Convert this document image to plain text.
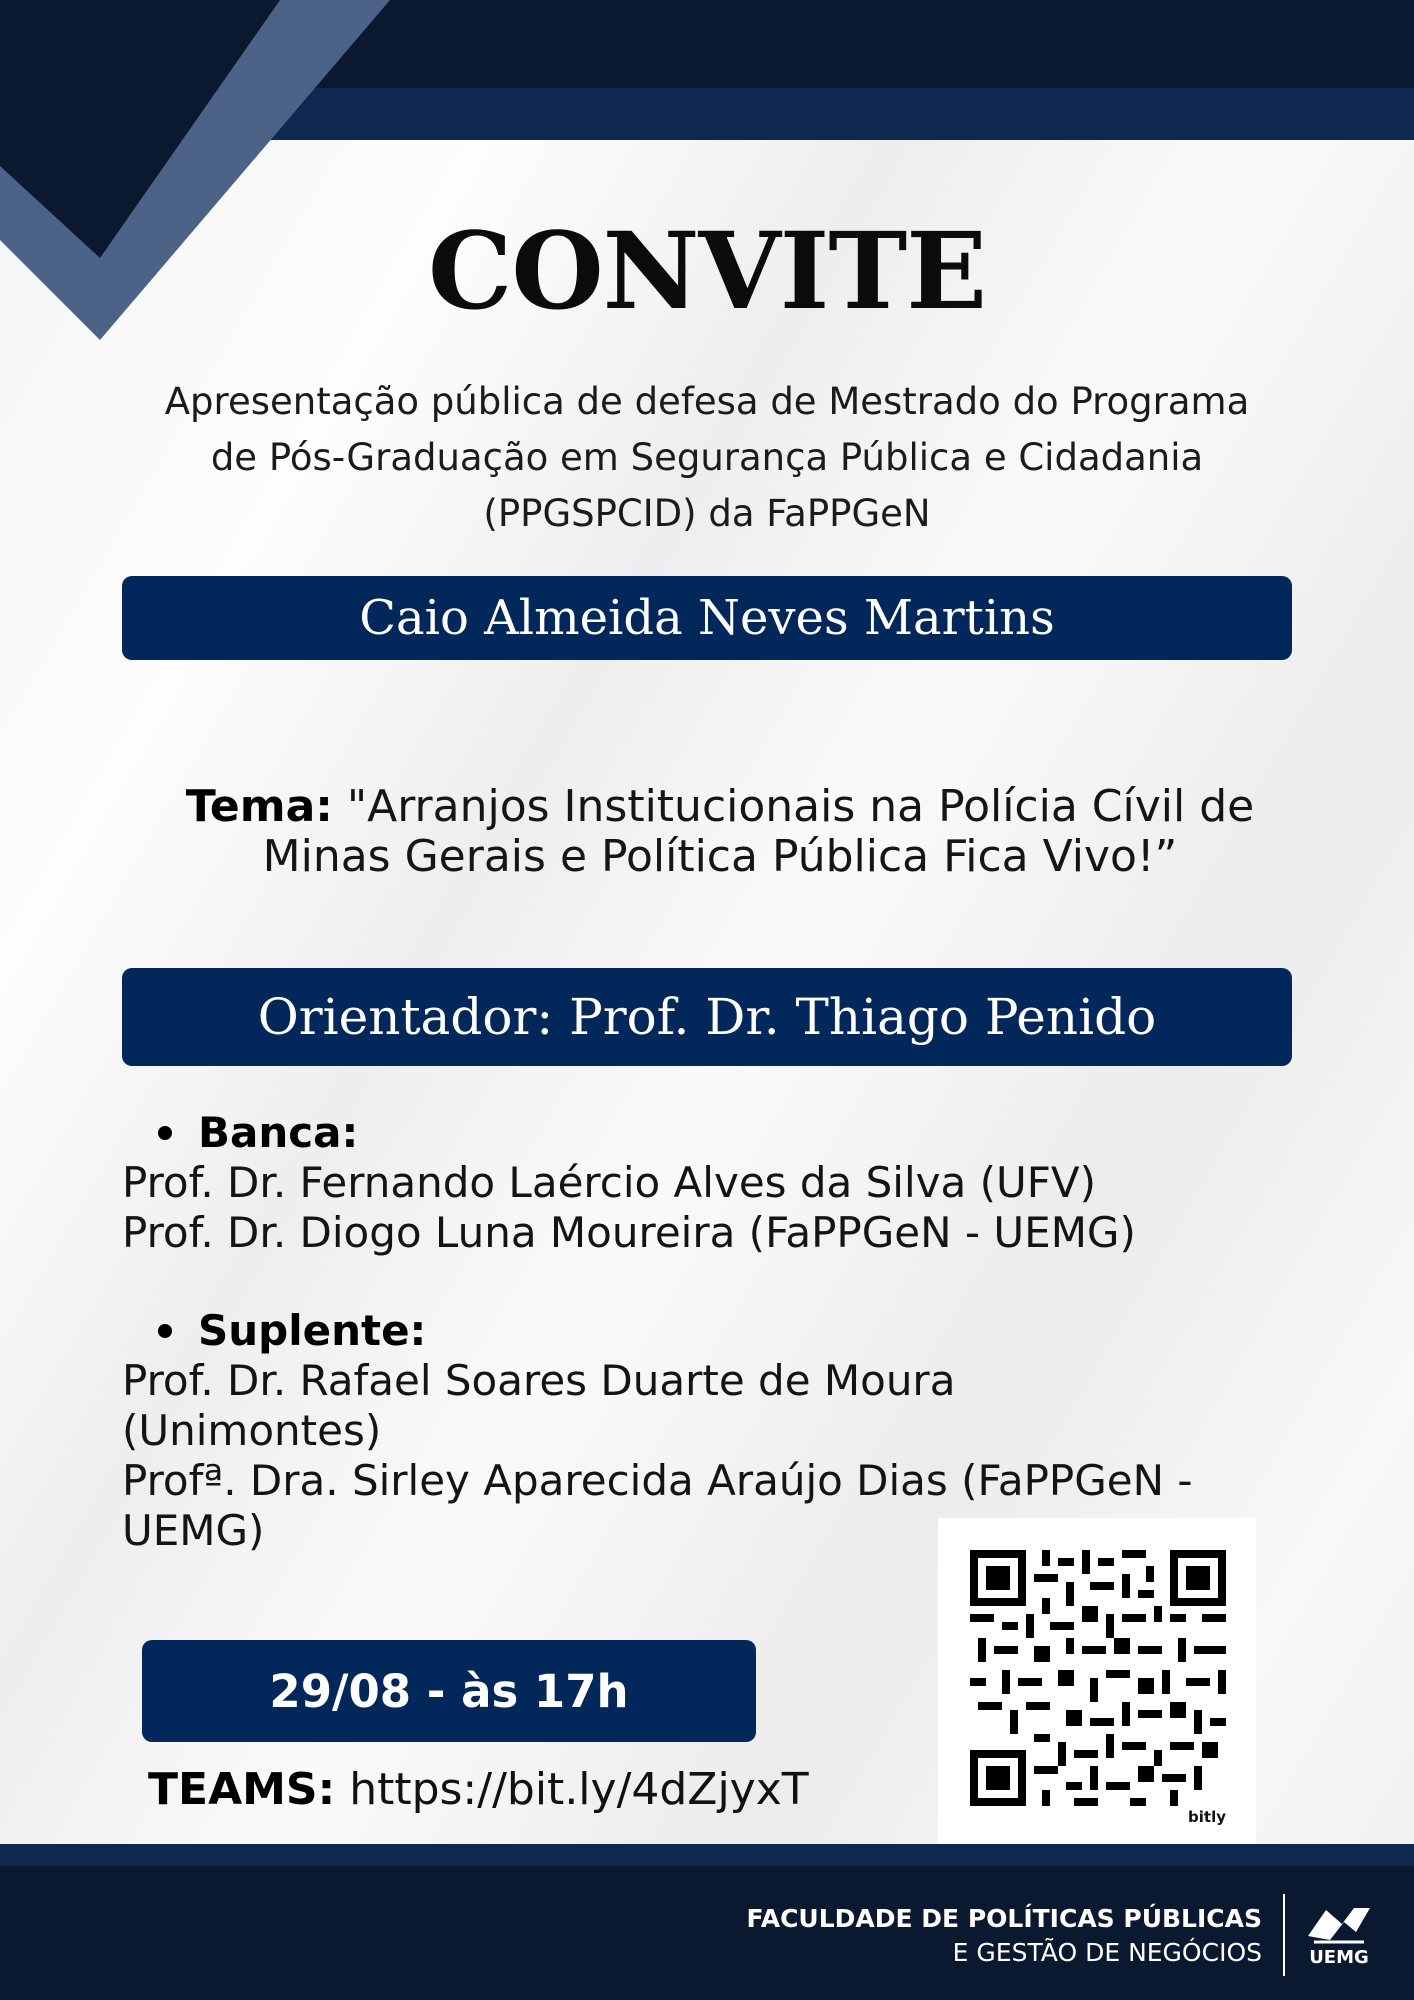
CONVITE
Apresentação pública de defesa de Mestrado do Programa
de Pós-Graduação em Segurança Pública e Cidadania
(PPGSPCID) da FaPPGeN
Caio Almeida Neves Martins
Tema: "Arranjos Institucionais na Polícia Cívil de
Minas Gerais e Política Pública Fica Vivo!”
Orientador: Prof. Dr. Thiago Penido
Banca:
Prof. Dr. Fernando Laércio Alves da Silva (UFV)
Prof. Dr. Diogo Luna Moureira (FaPPGeN - UEMG)
Suplente:
Prof. Dr. Rafael Soares Duarte de Moura
(Unimontes)
Profª. Dra. Sirley Aparecida Araújo Dias (FaPPGeN -
UEMG)
29/08 - às 17h
TEAMS: https://bit.ly/4dZjyxT
bitly
FACULDADE DE POLÍTICAS PÚBLICAS
E GESTÃO DE NEGÓCIOS	UEMG
